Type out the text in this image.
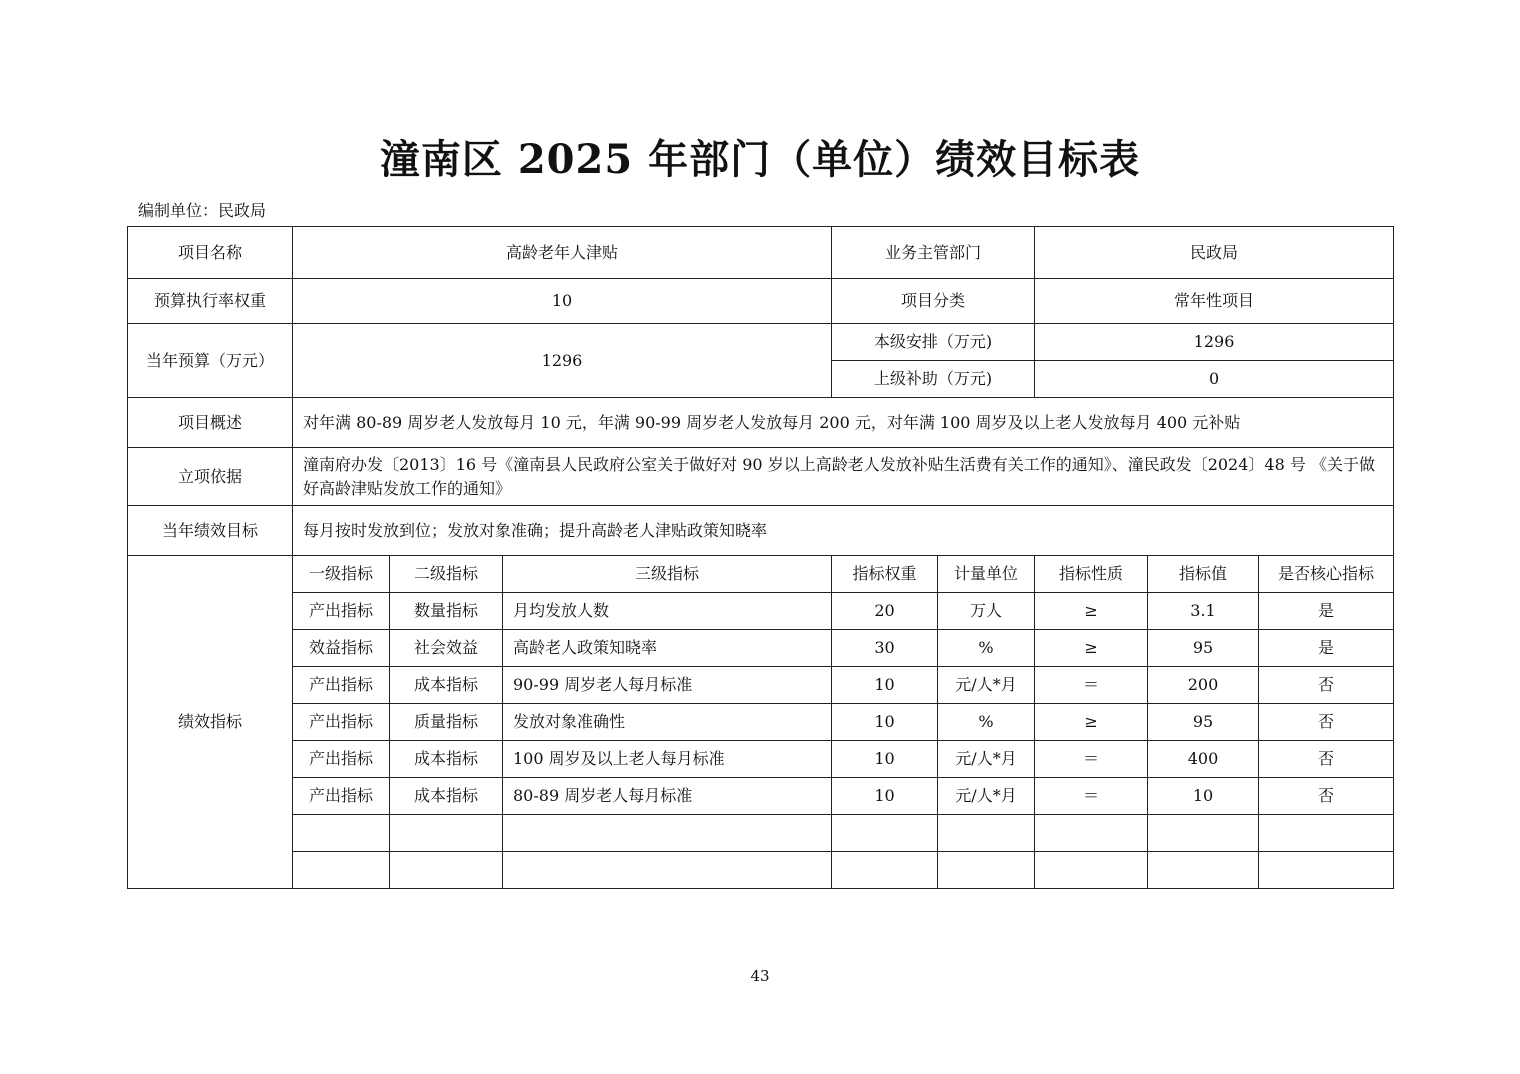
潼南区 2025 年部门（单位）绩效目标表
编制单位：民政局
项目名称	高龄老年人津贴			业务主管部门		民政局		
预算执行率权重	10			项目分类		常年性项目		
当年预算（万元）	1296			本级安排（万元)		1296		
				上级补助（万元)		0		
项目概述	对年满 80-89 周岁老人发放每月 10 元，年满 90-99 周岁老人发放每月 200 元，对年满 100 周岁及以上老人发放每月 400 元补贴							
立项依据	潼南府办发〔2013〕16 号《潼南县人民政府公室关于做好对 90 岁以上高龄老人发放补贴生活费有关工作的通知》、潼民政发〔2024〕48 号 《关于做好高龄津贴发放工作的通知》							
当年绩效目标	每月按时发放到位；发放对象准确；提升高龄老人津贴政策知晓率							
绩效指标	一级指标	二级指标	三级指标	指标权重	计量单位	指标性质	指标值	是否核心指标
	产出指标	数量指标	月均发放人数	20	万人	≥	3.1	是
	效益指标	社会效益	高龄老人政策知晓率	30	%	≥	95	是
	产出指标	成本指标	90-99 周岁老人每月标准	10	元/人*月	＝	200	否
	产出指标	质量指标	发放对象准确性	10	%	≥	95	否
	产出指标	成本指标	100 周岁及以上老人每月标准	10	元/人*月	＝	400	否
	产出指标	成本指标	80-89 周岁老人每月标准	10	元/人*月	＝	10	否

43
